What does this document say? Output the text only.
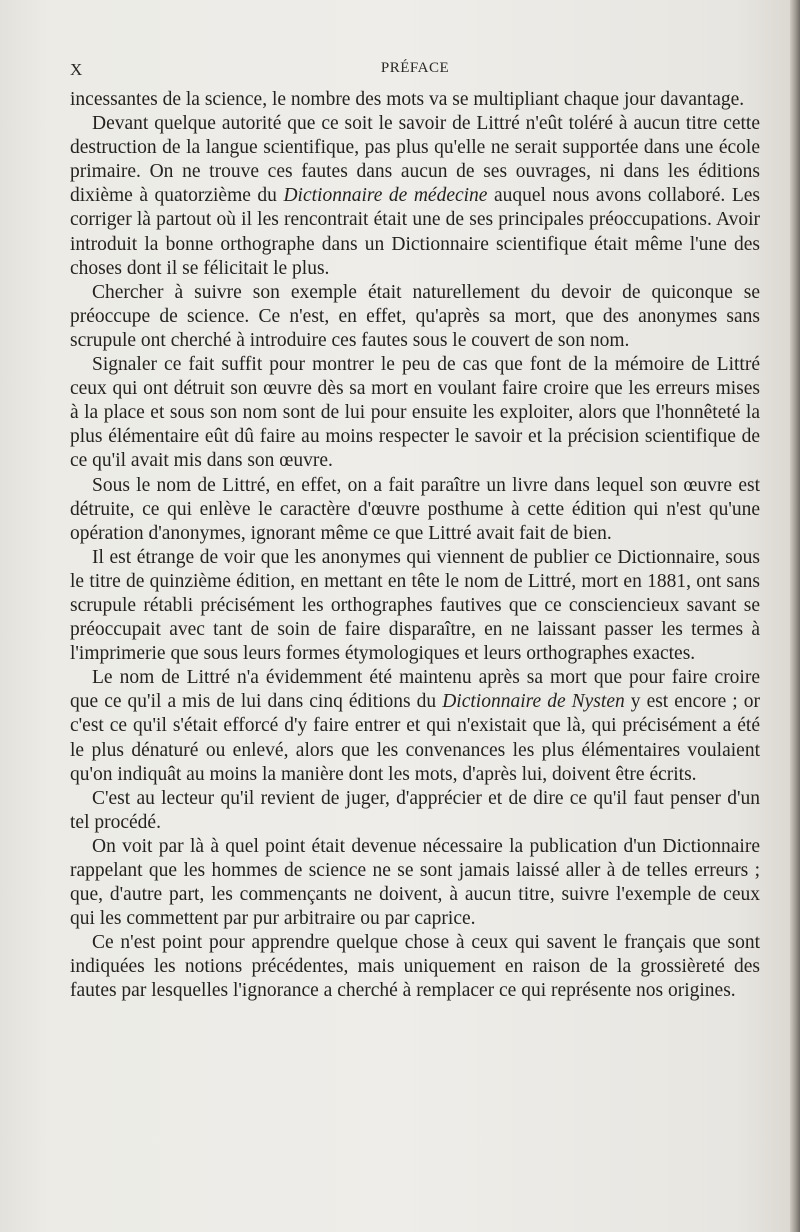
X	PRÉFACE

incessantes de la science, le nombre des mots va se multipliant chaque jour davantage.

Devant quelque autorité que ce soit le savoir de Littré n'eût toléré à aucun titre cette destruction de la langue scientifique, pas plus qu'elle ne serait supportée dans une école primaire. On ne trouve ces fautes dans aucun de ses ouvrages, ni dans les éditions dixième à quatorzième du Dictionnaire de médecine auquel nous avons collaboré. Les corriger là partout où il les rencontrait était une de ses principales préoccupations. Avoir introduit la bonne orthographe dans un Dictionnaire scientifique était même l'une des choses dont il se félicitait le plus.

Chercher à suivre son exemple était naturellement du devoir de quiconque se préoccupe de science. Ce n'est, en effet, qu'après sa mort, que des anonymes sans scrupule ont cherché à introduire ces fautes sous le couvert de son nom.

Signaler ce fait suffit pour montrer le peu de cas que font de la mémoire de Littré ceux qui ont détruit son œuvre dès sa mort en voulant faire croire que les erreurs mises à la place et sous son nom sont de lui pour ensuite les exploiter, alors que l'honnêteté la plus élémentaire eût dû faire au moins respecter le savoir et la précision scientifique de ce qu'il avait mis dans son œuvre.

Sous le nom de Littré, en effet, on a fait paraître un livre dans lequel son œuvre est détruite, ce qui enlève le caractère d'œuvre posthume à cette édition qui n'est qu'une opération d'anonymes, ignorant même ce que Littré avait fait de bien.

Il est étrange de voir que les anonymes qui viennent de publier ce Dictionnaire, sous le titre de quinzième édition, en mettant en tête le nom de Littré, mort en 1881, ont sans scrupule rétabli précisément les orthographes fautives que ce consciencieux savant se préoccupait avec tant de soin de faire disparaître, en ne laissant passer les termes à l'imprimerie que sous leurs formes étymologiques et leurs orthographes exactes.

Le nom de Littré n'a évidemment été maintenu après sa mort que pour faire croire que ce qu'il a mis de lui dans cinq éditions du Dictionnaire de Nysten y est encore ; or c'est ce qu'il s'était efforcé d'y faire entrer et qui n'existait que là, qui précisément a été le plus dénaturé ou enlevé, alors que les convenances les plus élémentaires voulaient qu'on indiquât au moins la manière dont les mots, d'après lui, doivent être écrits.

C'est au lecteur qu'il revient de juger, d'apprécier et de dire ce qu'il faut penser d'un tel procédé.

On voit par là à quel point était devenue nécessaire la publication d'un Dictionnaire rappelant que les hommes de science ne se sont jamais laissé aller à de telles erreurs ; que, d'autre part, les commençants ne doivent, à aucun titre, suivre l'exemple de ceux qui les commettent par pur arbitraire ou par caprice.

Ce n'est point pour apprendre quelque chose à ceux qui savent le français que sont indiquées les notions précédentes, mais uniquement en raison de la grossièreté des fautes par lesquelles l'ignorance a cherché à remplacer ce qui représente nos origines.
